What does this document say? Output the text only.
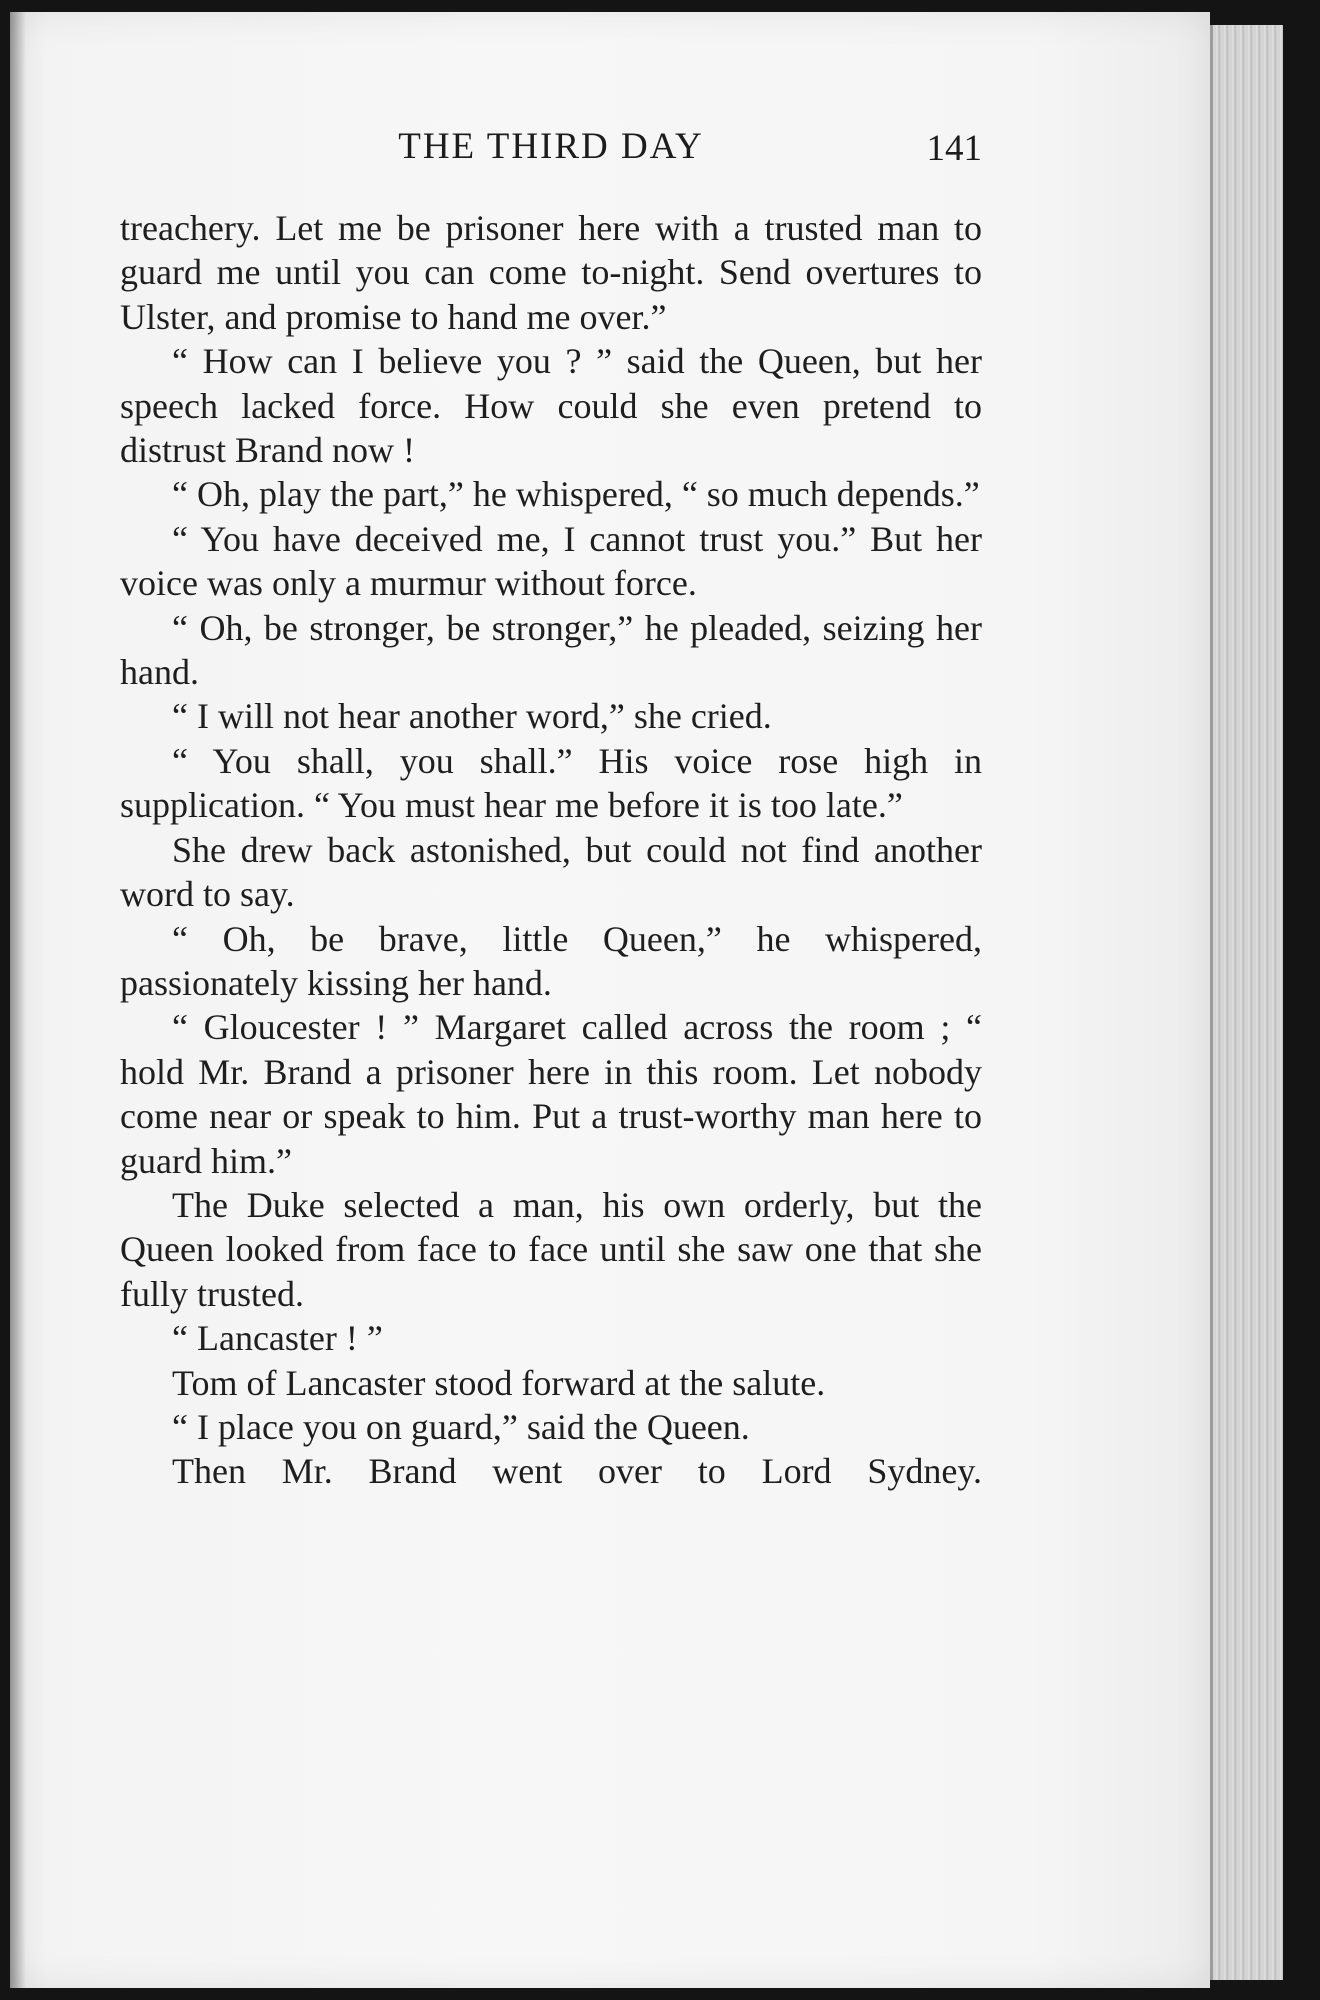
THE THIRD DAY	141

treachery. Let me be prisoner here with a trusted man to guard me until you can come to-night. Send overtures to Ulster, and promise to hand me over.”

“ How can I believe you ? ” said the Queen, but her speech lacked force. How could she even pretend to distrust Brand now !

“ Oh, play the part,” he whispered, “ so much depends.”

“ You have deceived me, I cannot trust you.” But her voice was only a murmur without force.

“ Oh, be stronger, be stronger,” he pleaded, seizing her hand.

“ I will not hear another word,” she cried.

“ You shall, you shall.” His voice rose high in supplication. “ You must hear me before it is too late.”

She drew back astonished, but could not find another word to say.

“ Oh, be brave, little Queen,” he whispered, passionately kissing her hand.

“ Gloucester ! ” Margaret called across the room ; “ hold Mr. Brand a prisoner here in this room. Let nobody come near or speak to him. Put a trust-worthy man here to guard him.”

The Duke selected a man, his own orderly, but the Queen looked from face to face until she saw one that she fully trusted.

“ Lancaster ! ”

Tom of Lancaster stood forward at the salute.

“ I place you on guard,” said the Queen.

Then Mr. Brand went over to Lord Sydney.
